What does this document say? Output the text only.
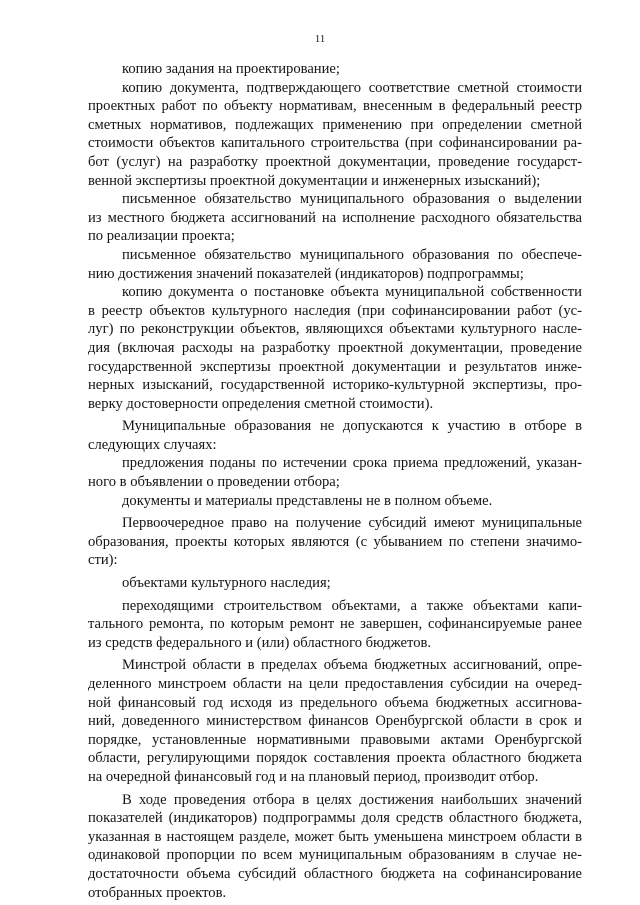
11
копию задания на проектирование;
копию документа, подтверждающего соответствие сметной стоимости
проектных работ по объекту нормативам, внесенным в федеральный реестр
сметных нормативов, подлежащих применению при определении сметной
стоимости объектов капитального строительства (при софинансировании ра-
бот (услуг) на разработку проектной документации, проведение государст-
венной экспертизы проектной документации и инженерных изысканий);
письменное обязательство муниципального образования о выделении
из местного бюджета ассигнований на исполнение расходного обязательства
по реализации проекта;
письменное обязательство муниципального образования по обеспече-
нию достижения значений показателей (индикаторов) подпрограммы;
копию документа о постановке объекта муниципальной собственности
в реестр объектов культурного наследия (при софинансировании работ (ус-
луг) по реконструкции объектов, являющихся объектами культурного насле-
дия (включая расходы на разработку проектной документации, проведение
государственной экспертизы проектной документации и результатов инже-
нерных изысканий, государственной историко-культурной экспертизы, про-
верку достоверности определения сметной стоимости).
Муниципальные образования не допускаются к участию в отборе в
следующих случаях:
предложения поданы по истечении срока приема предложений, указан-
ного в объявлении о проведении отбора;
документы и материалы представлены не в полном объеме.
Первоочередное право на получение субсидий имеют муниципальные
образования, проекты которых являются (с убыванием по степени значимо-
сти):
объектами культурного наследия;
переходящими строительством объектами, а также объектами капи-
тального ремонта, по которым ремонт не завершен, софинансируемые ранее
из средств федерального и (или) областного бюджетов.
Минстрой области в пределах объема бюджетных ассигнований, опре-
деленного минстроем области на цели предоставления субсидии на очеред-
ной финансовый год исходя из предельного объема бюджетных ассигнова-
ний, доведенного министерством финансов Оренбургской области в срок и
порядке, установленные нормативными правовыми актами Оренбургской
области, регулирующими порядок составления проекта областного бюджета
на очередной финансовый год и на плановый период, производит отбор.
В ходе проведения отбора в целях достижения наибольших значений
показателей (индикаторов) подпрограммы доля средств областного бюджета,
указанная в настоящем разделе, может быть уменьшена минстроем области в
одинаковой пропорции по всем муниципальным образованиям в случае не-
достаточности объема субсидий областного бюджета на софинансирование
отобранных проектов.
